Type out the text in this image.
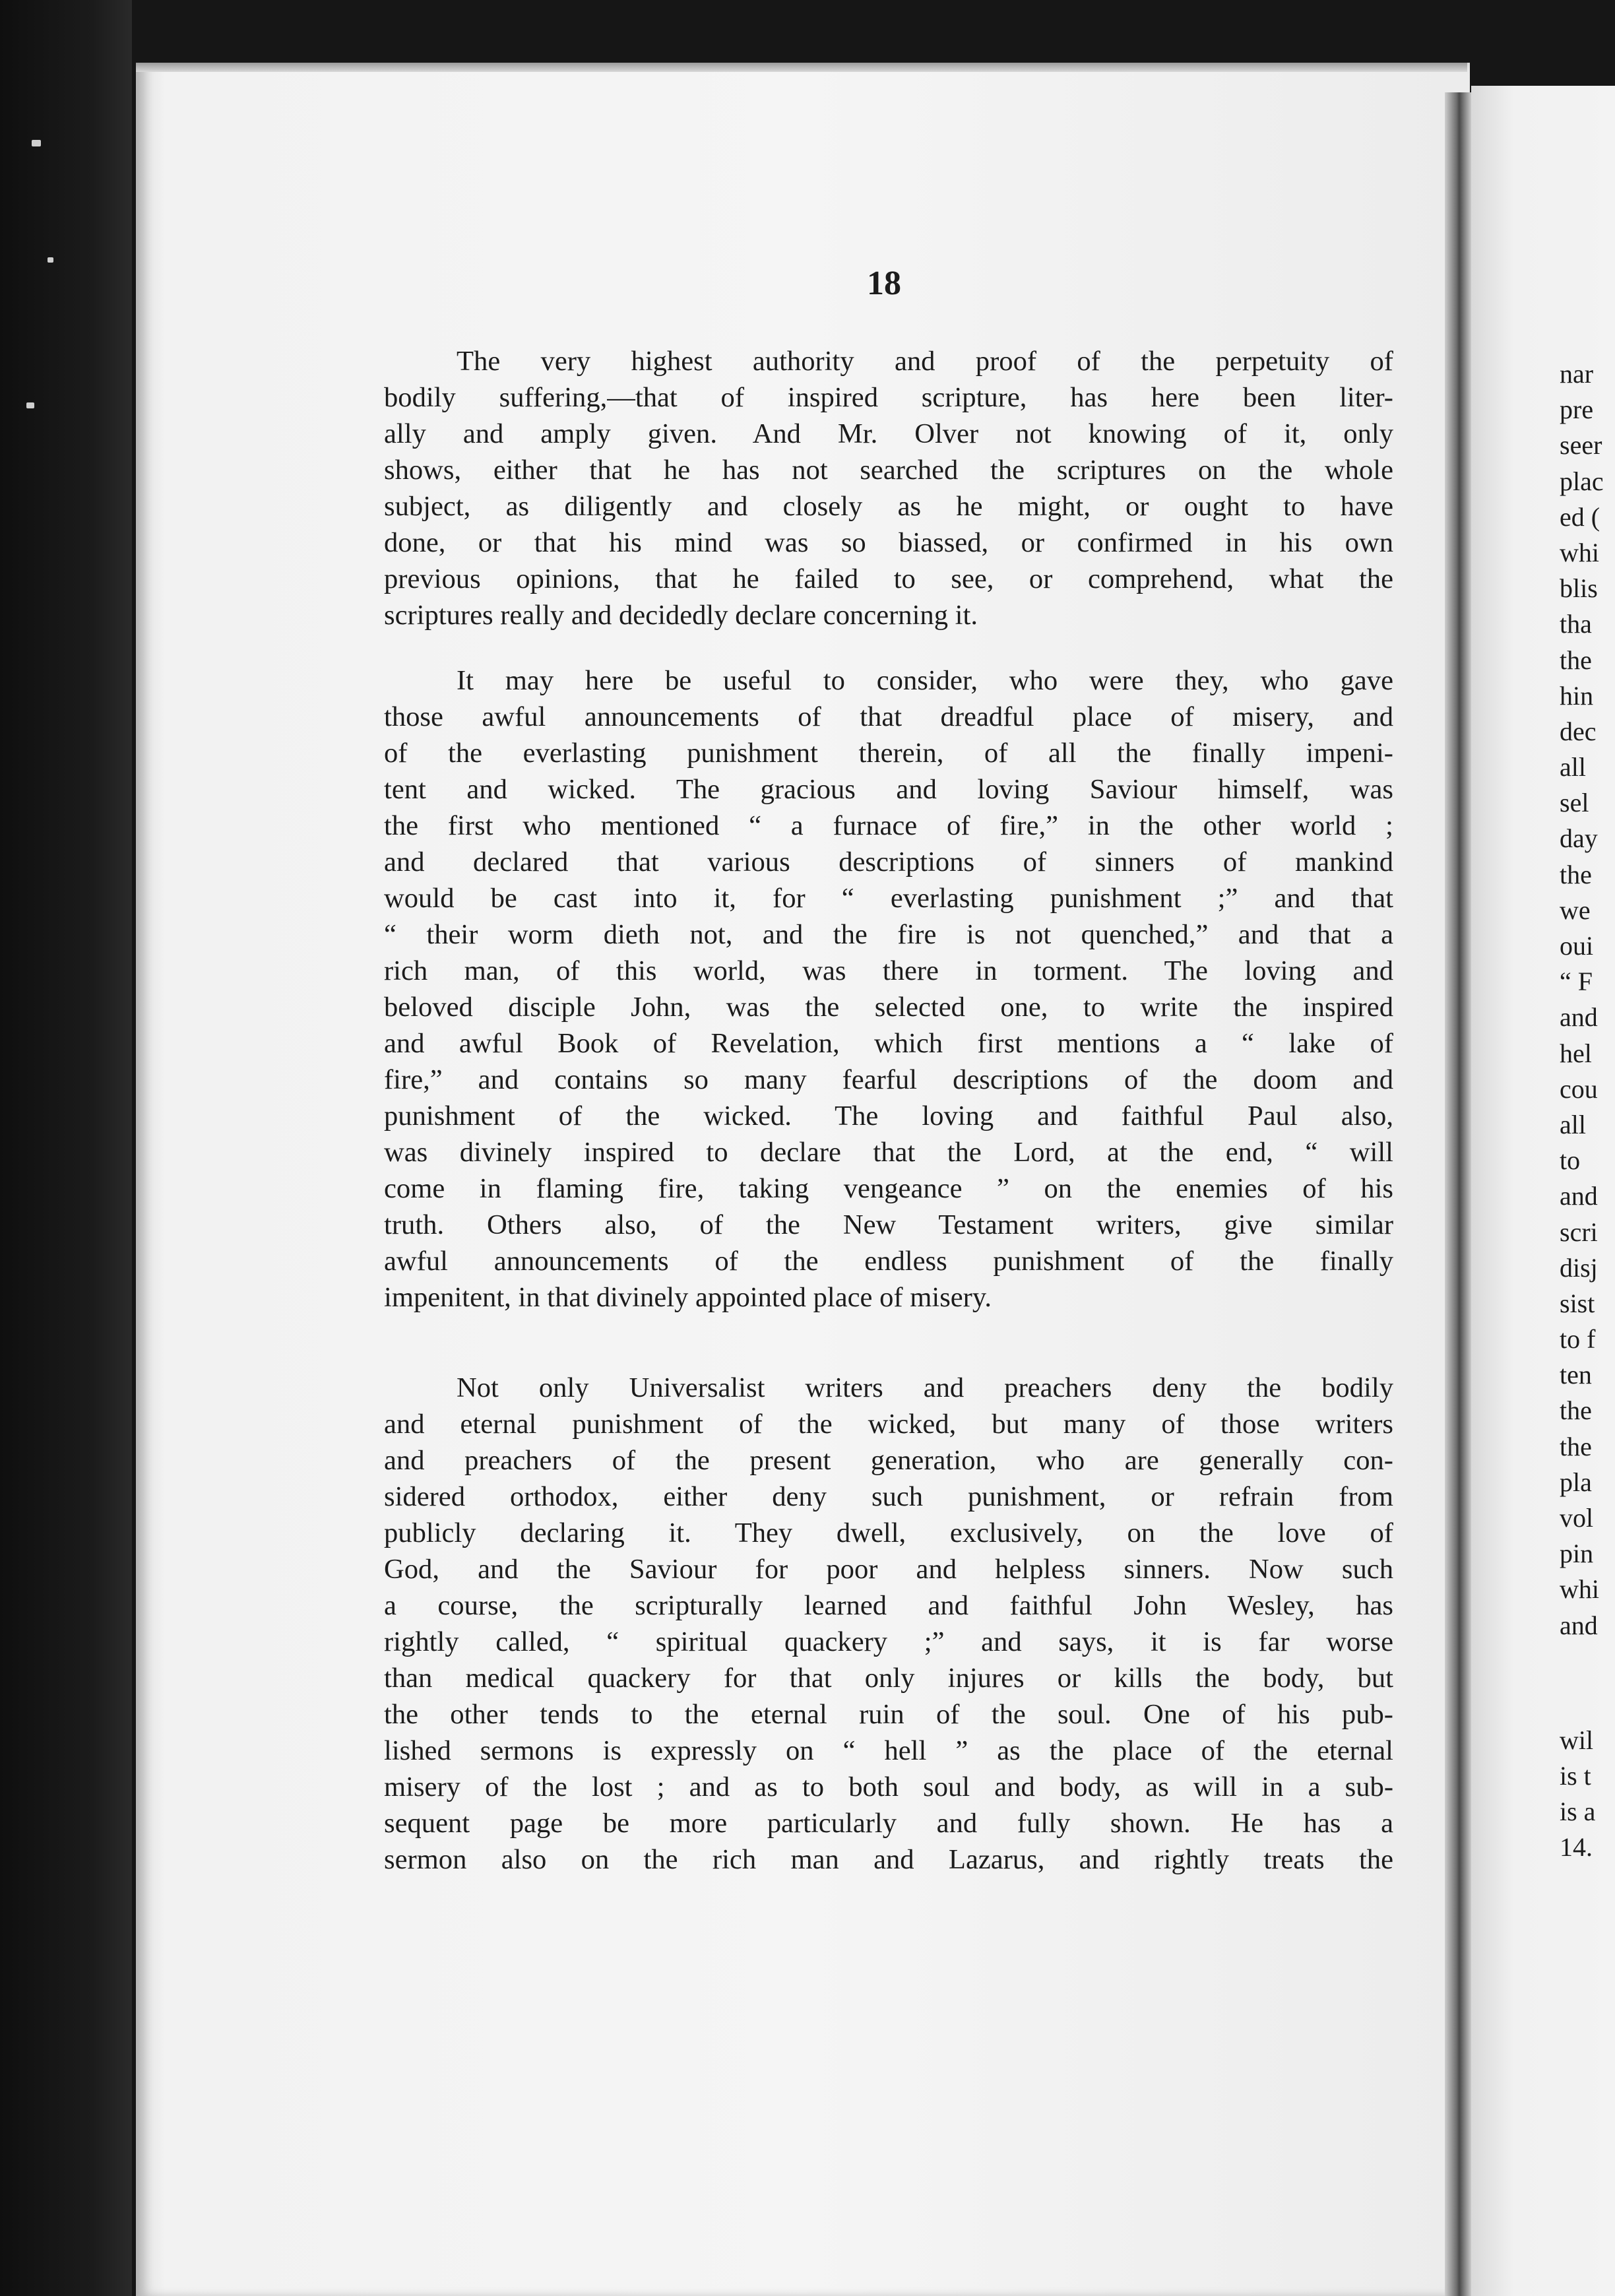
18

The very highest authority and proof of the perpetuity of
bodily suffering,—that of inspired scripture, has here been liter-
ally and amply given. And Mr. Olver not knowing of it, only
shows, either that he has not searched the scriptures on the whole
subject, as diligently and closely as he might, or ought to have
done, or that his mind was so biassed, or confirmed in his own
previous opinions, that he failed to see, or comprehend, what the
scriptures really and decidedly declare concerning it.

It may here be useful to consider, who were they, who gave
those awful announcements of that dreadful place of misery, and
of the everlasting punishment therein, of all the finally impeni-
tent and wicked. The gracious and loving Saviour himself, was
the first who mentioned “ a furnace of fire,” in the other world ;
and declared that various descriptions of sinners of mankind
would be cast into it, for “ everlasting punishment ;” and that
“ their worm dieth not, and the fire is not quenched,” and that a
rich man, of this world, was there in torment. The loving and
beloved disciple John, was the selected one, to write the inspired
and awful Book of Revelation, which first mentions a “ lake of
fire,” and contains so many fearful descriptions of the doom and
punishment of the wicked. The loving and faithful Paul also,
was divinely inspired to declare that the Lord, at the end, “ will
come in flaming fire, taking vengeance ” on the enemies of his
truth. Others also, of the New Testament writers, give similar
awful announcements of the endless punishment of the finally
impenitent, in that divinely appointed place of misery.

Not only Universalist writers and preachers deny the bodily
and eternal punishment of the wicked, but many of those writers
and preachers of the present generation, who are generally con-
sidered orthodox, either deny such punishment, or refrain from
publicly declaring it. They dwell, exclusively, on the love of
God, and the Saviour for poor and helpless sinners. Now such
a course, the scripturally learned and faithful John Wesley, has
rightly called, “ spiritual quackery ;” and says, it is far worse
than medical quackery for that only injures or kills the body, but
the other tends to the eternal ruin of the soul. One of his pub-
lished sermons is expressly on “ hell ” as the place of the eternal
misery of the lost ; and as to both soul and body, as will in a sub-
sequent page be more particularly and fully shown. He has a
sermon also on the rich man and Lazarus, and rightly treats the

nar
pre
seer
plac
ed (
whi
blis
tha
the
hin
dec
all
sel
day
the
we
oui
“ F
and
hel
cou
all
to
and
scri
disj
sist
to f
ten
the
the
pla
vol
pin
whi
and
wil
is t
is a
14.
